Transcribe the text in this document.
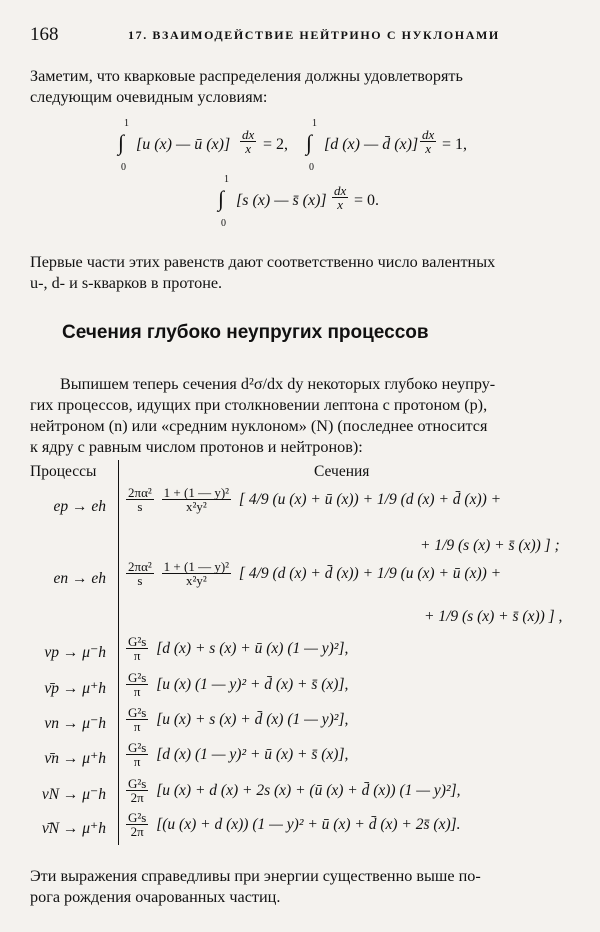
168	17. ВЗАИМОДЕЙСТВИЕ НЕЙТРИНО С НУКЛОНАМИ
Заметим, что кварковые распределения должны удовлетворять
следующим очевидным условиям:
1
0
∫ [u (x) — ū $(x)] \frac{dx}{x} = 2$,
1
0
∫ [d (x) — d̄ $(x)] \frac{dx}{x} = 1$,
1
0
∫ [s (x) — s̄ $(x)] \frac{dx}{x} = 0$.
Первые части этих равенств дают соответственно число валентных
u-, d- и s-кварков в протоне.
Сечения глубоко неупругих процессов
Выпишем теперь сечения d²σ/dx dy некоторых глубоко неупру-
гих процессов, идущих при столкновении лептона с протоном (p),
нейтроном (n) или «средним нуклоном» (N) (последнее относится
к ядру с равным числом протонов и нейтронов):
Процессы	Сечения
ep → eh $\frac{\text{2πα²}}{s}$
$\frac{\text{1 + (1 — y)²}}{\text{x²y²}}$ [ 4/9 (u (x) + ū (x)) + 1/9 (d (x) + d̄ (x)) +
+ 1/9 (s (x) + s̄ (x)) ] ;
en → eh $\frac{\text{2πα²}}{s}$
$\frac{\text{1 + (1 — y)²}}{\text{x²y²}}$ [ 4/9 (d (x) + d̄ (x)) + 1/9 (u (x) + ū (x)) +
+ 1/9 (s (x) + s̄ (x)) ] ,
$\nu p \to \mu^-h \frac{\text{G²s}}{\pi} [d$ (x) + s (x) + ū (x) (1 — y)²],
ν̄p → $\mu^+h \frac{\text{G²s}}{\pi} [u$ (x) (1 — y)² + d̄ (x) + s̄ (x)],
$\nu n \to \mu^-h \frac{\text{G²s}}{\pi} [u$ (x) + s (x) + d̄ (x) (1 — y)²],
ν̄n → $\mu^+h \frac{\text{G²s}}{\pi} [d$ (x) (1 — y)² + ū (x) + s̄ (x)],
$\nu N \to \mu^-h \frac{\text{G²s}}{2\pi} [u$ (x) + d (x) + 2s (x) + (ū (x) + d̄ (x)) (1 — y)²],
ν̄N → $\mu^+h \frac{\text{G²s}}{2\pi} [(u$ (x) + d (x)) (1 — y)² + ū (x) + d̄ (x) + 2s̄ (x)].
Эти выражения справедливы при энергии существенно выше по-
рога рождения очарованных частиц.
